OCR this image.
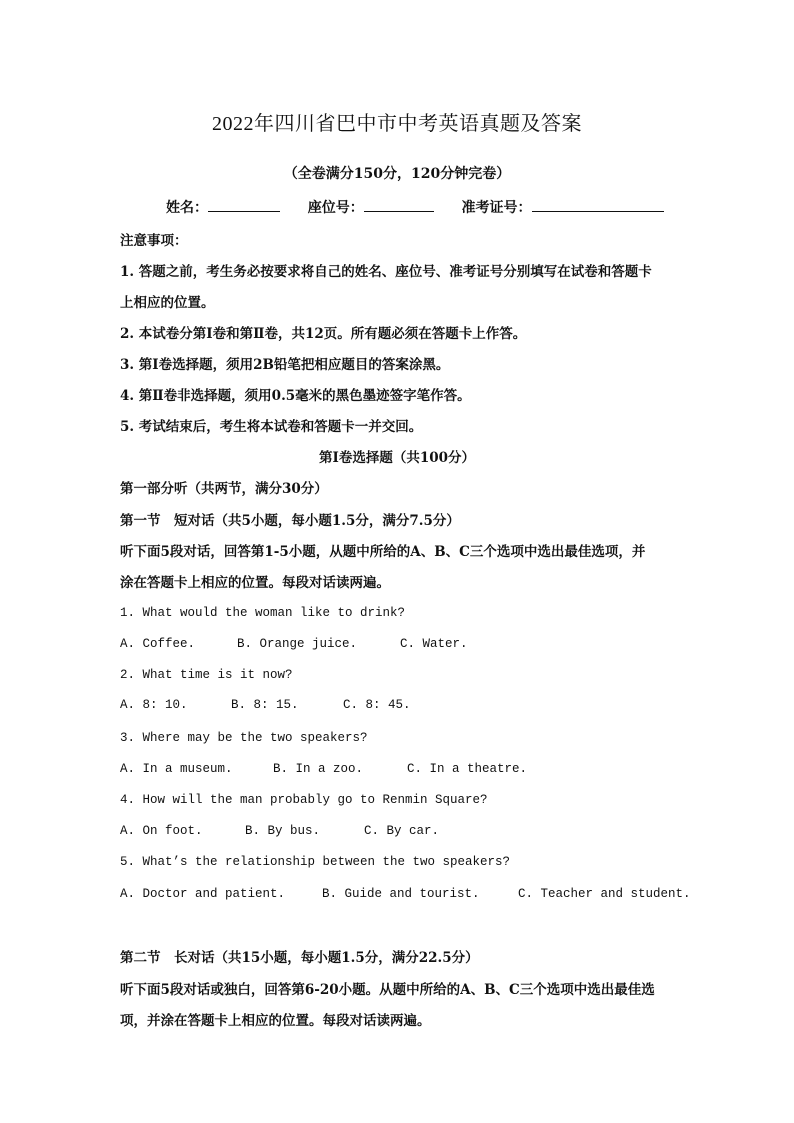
2022年四川省巴中市中考英语真题及答案
（全卷满分150分，120分钟完卷）
姓名：	座位号：	准考证号：
注意事项：
1. 答题之前，考生务必按要求将自己的姓名、座位号、准考证号分别填写在试卷和答题卡
上相应的位置。
2. 本试卷分第Ⅰ卷和第Ⅱ卷，共12页。所有题必须在答题卡上作答。
3. 第Ⅰ卷选择题，须用2B铅笔把相应题目的答案涂黑。
4. 第Ⅱ卷非选择题，须用0.5毫米的黑色墨迹签字笔作答。
5. 考试结束后，考生将本试卷和答题卡一并交回。
第Ⅰ卷选择题（共100分）
第一部分听（共两节，满分30分）
第一节　短对话（共5小题，每小题1.5分，满分7.5分）
听下面5段对话，回答第1-5小题，从题中所给的A、B、C三个选项中选出最佳选项，并
涂在答题卡上相应的位置。每段对话读两遍。
1. What would the woman like to drink?
A. Coffee.	B. Orange juice.	C. Water.
2. What time is it now?
A. 8: 10.	B. 8: 15.	C. 8: 45.
3. Where may be the two speakers?
A. In a museum.	B. In a zoo.	C. In a theatre.
4. How will the man probably go to Renmin Square?
A. On foot.	B. By bus.	C. By car.
5. What’s the relationship between the two speakers?
A. Doctor and patient.	B. Guide and tourist.	C. Teacher and student.
第二节　长对话（共15小题，每小题1.5分，满分22.5分）
听下面5段对话或独白，回答第6-20小题。从题中所给的A、B、C三个选项中选出最佳选
项，并涂在答题卡上相应的位置。每段对话读两遍。
